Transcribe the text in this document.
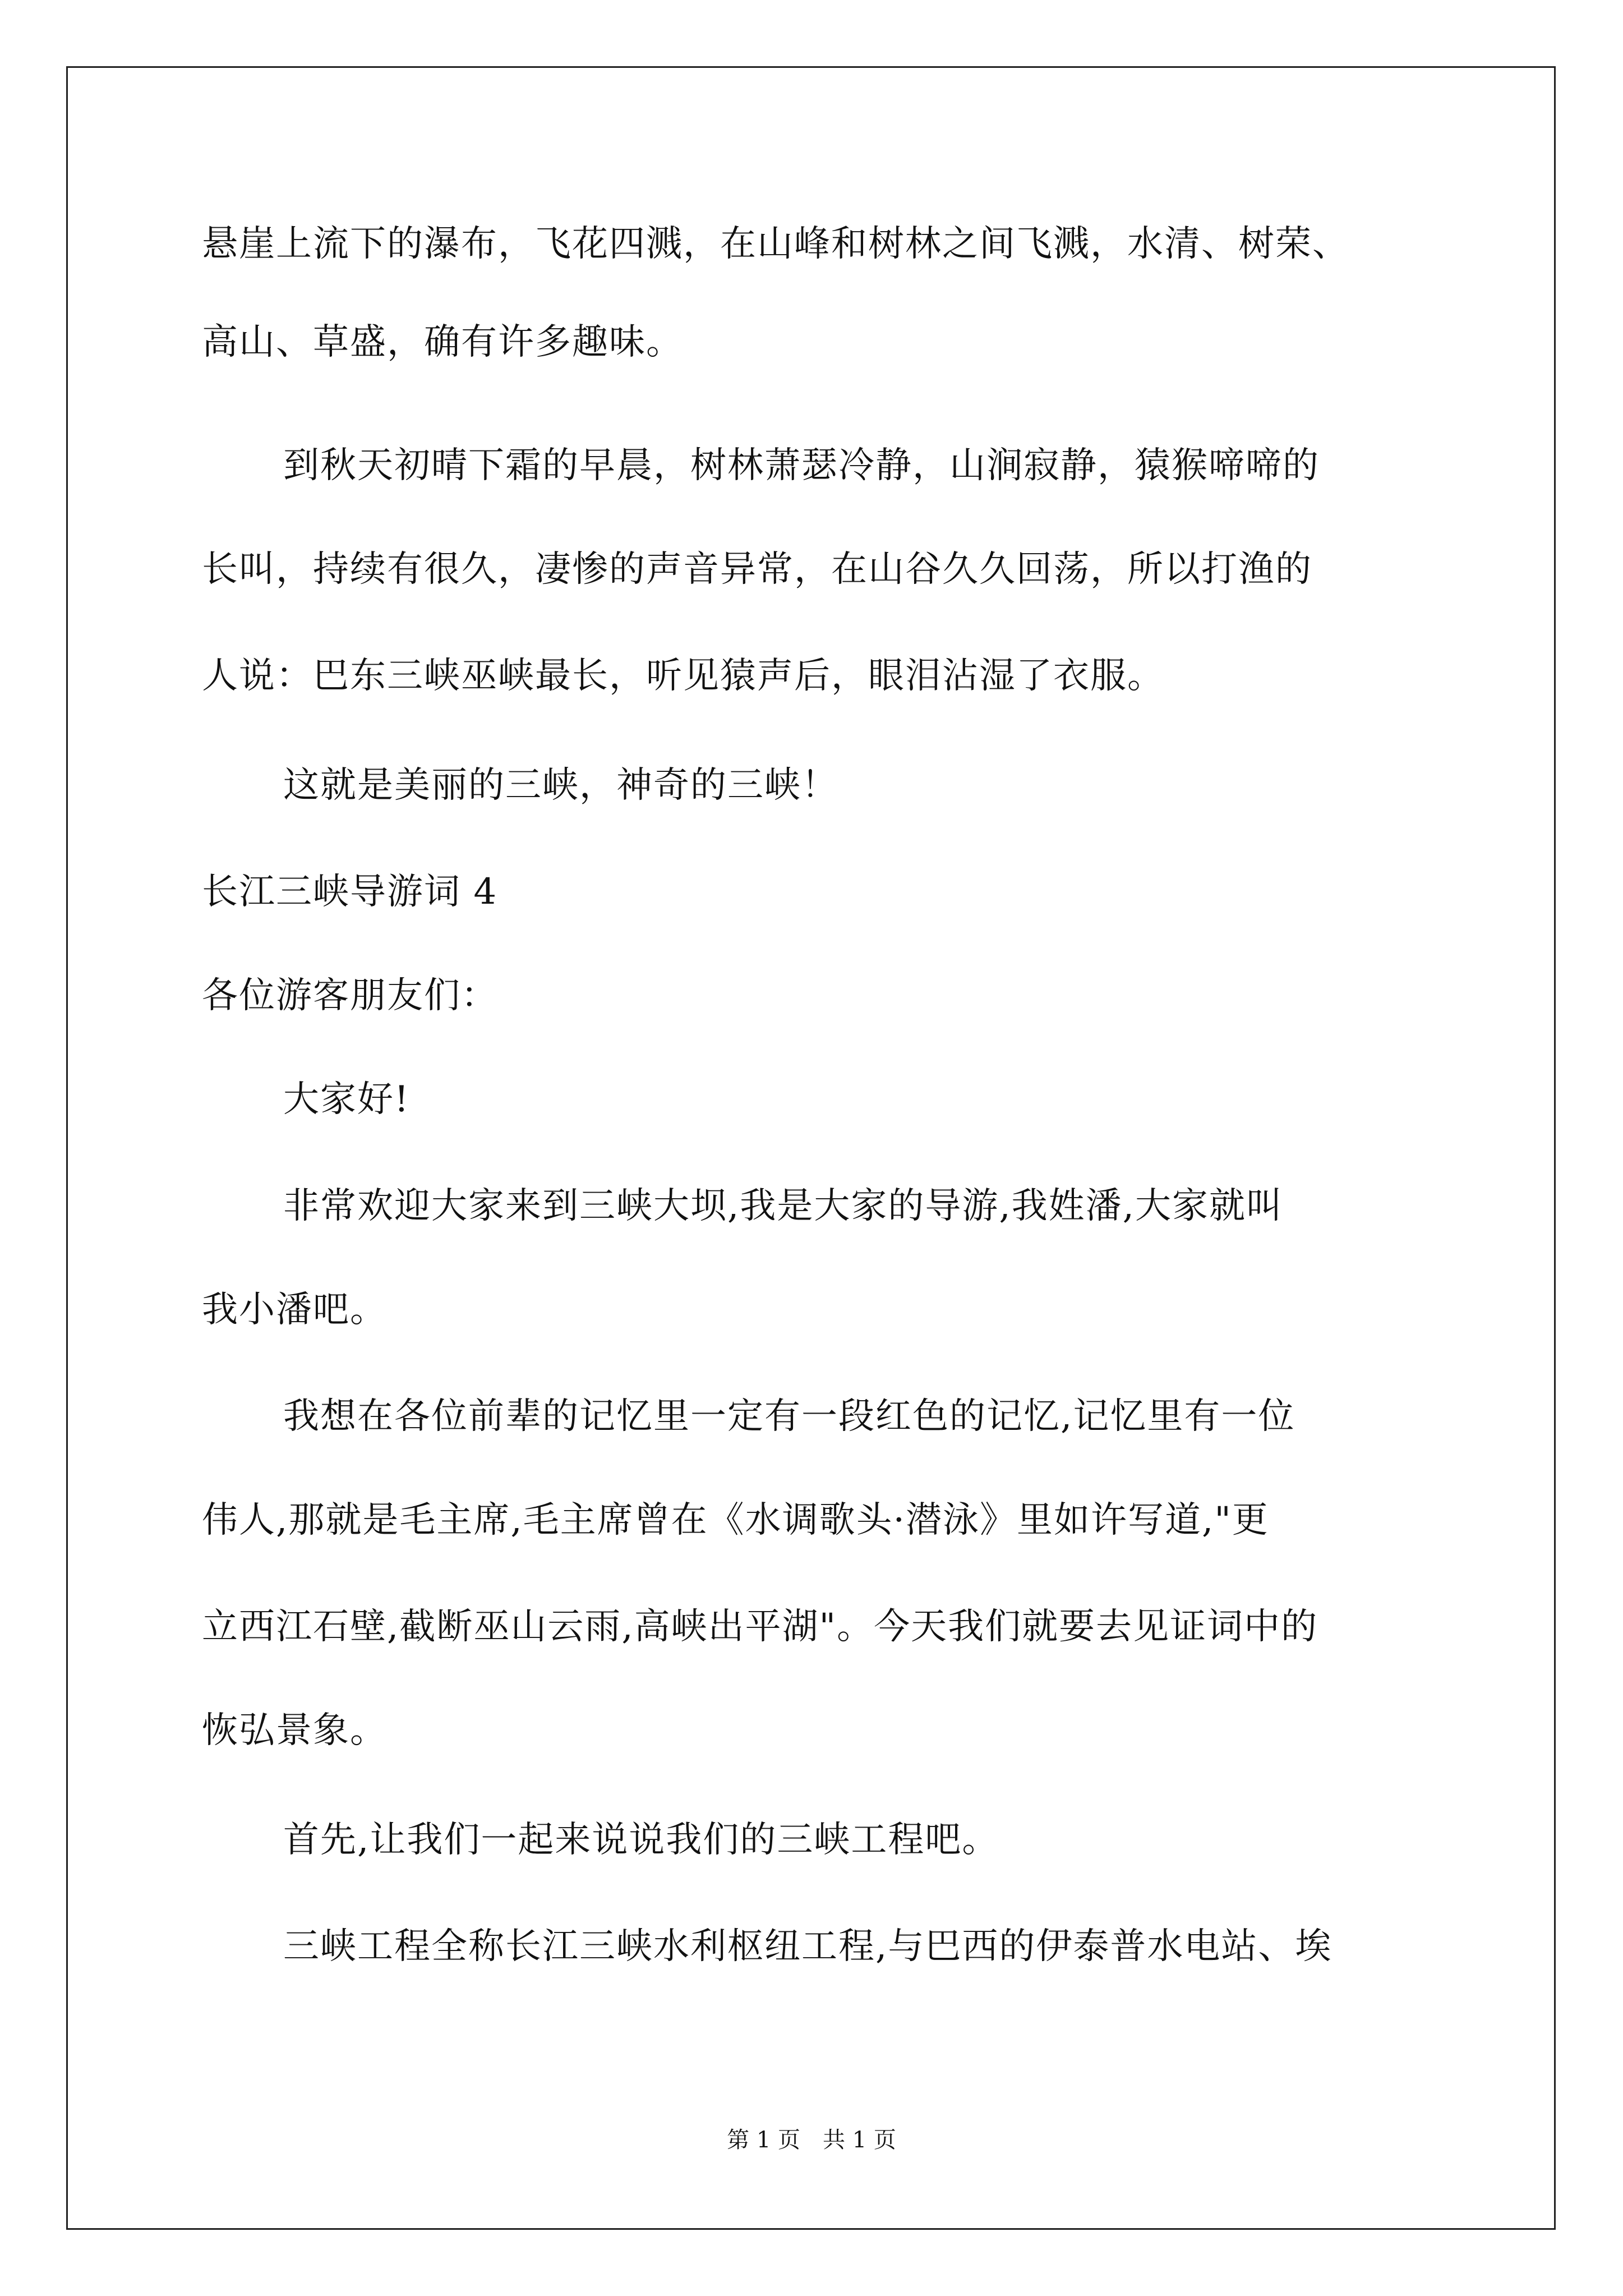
悬崖上流下的瀑布，飞花四溅，在山峰和树林之间飞溅，水清、树荣、
高山、草盛，确有许多趣味。
到秋天初晴下霜的早晨，树林萧瑟冷静，山涧寂静，猿猴啼啼的
长叫，持续有很久，凄惨的声音异常，在山谷久久回荡，所以打渔的
人说：巴东三峡巫峡最长，听见猿声后，眼泪沾湿了衣服。
这就是美丽的三峡，神奇的三峡！
长江三峡导游词 4
各位游客朋友们：
大家好!
非常欢迎大家来到三峡大坝,我是大家的导游,我姓潘,大家就叫
我小潘吧。
我想在各位前辈的记忆里一定有一段红色的记忆,记忆里有一位
伟人,那就是毛主席,毛主席曾在《水调歌头·潜泳》里如许写道,"更
立西江石壁,截断巫山云雨,高峡出平湖"。今天我们就要去见证词中的
恢弘景象。
首先,让我们一起来说说我们的三峡工程吧。
三峡工程全称长江三峡水利枢纽工程,与巴西的伊泰普水电站、埃
第 1 页　共 1 页
